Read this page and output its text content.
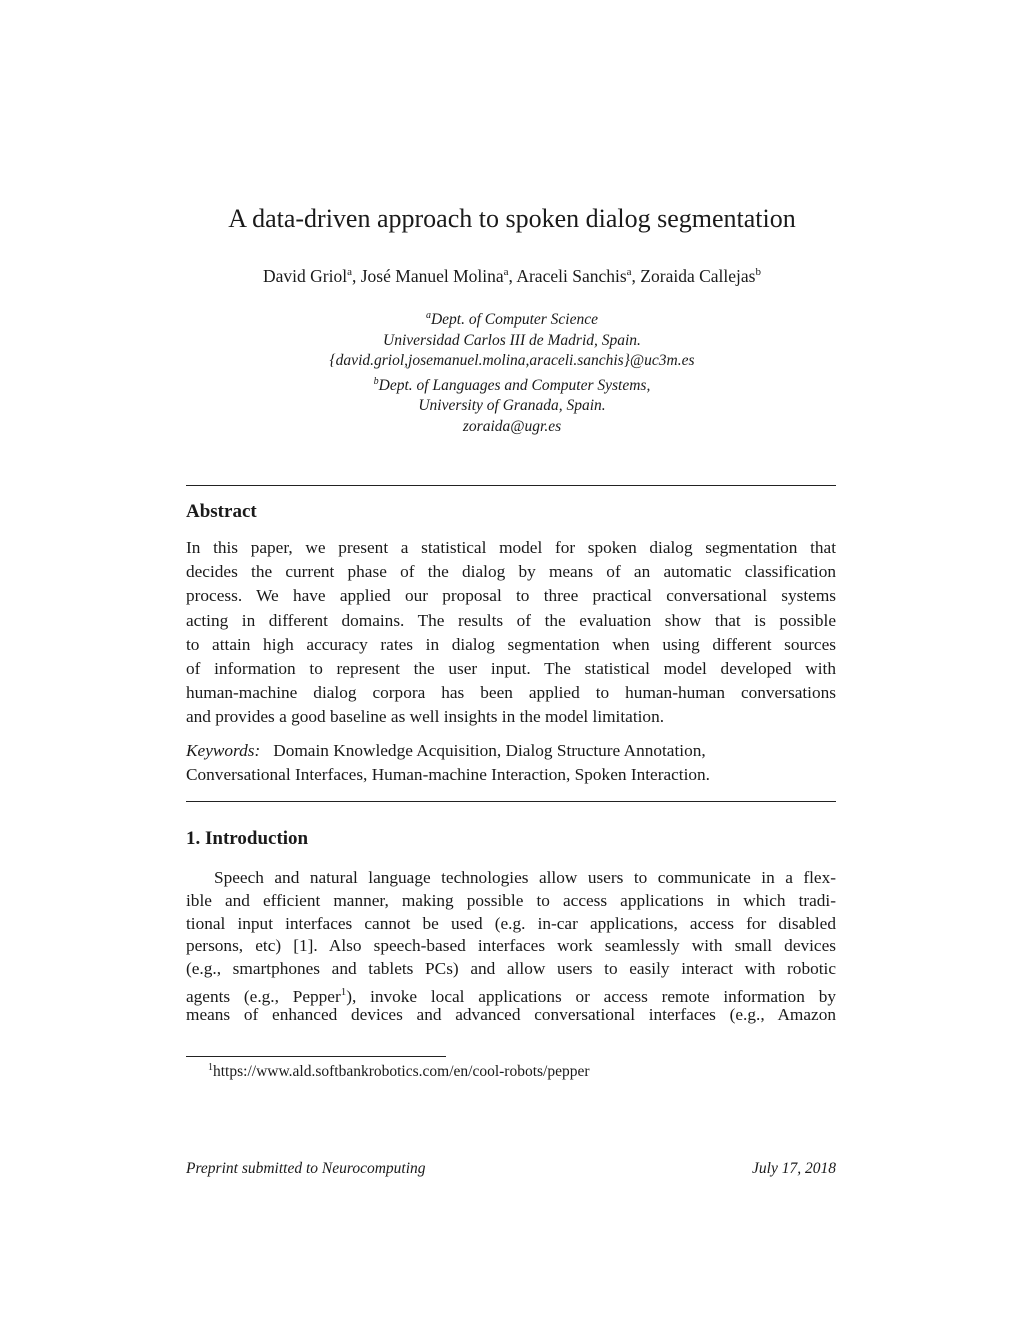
A data-driven approach to spoken dialog segmentation
David Griol$^a$, José Manuel Molina$^a$, Araceli Sanchis$^a$, Zoraida Callejas$^b$
$^a$Dept. of Computer Science
Universidad Carlos III de Madrid, Spain.
{david.griol,josemanuel.molina,araceli.sanchis}@uc3m.es
$^b$Dept. of Languages and Computer Systems,
University of Granada, Spain.
zoraida@ugr.es
Abstract
In this paper, we present a statistical model for spoken dialog segmentation that
decides the current phase of the dialog by means of an automatic classification
process. We have applied our proposal to three practical conversational systems
acting in different domains. The results of the evaluation show that is possible
to attain high accuracy rates in dialog segmentation when using different sources
of information to represent the user input. The statistical model developed with
human-machine dialog corpora has been applied to human-human conversations
and provides a good baseline as well insights in the model limitation.
Keywords: Domain Knowledge Acquisition, Dialog Structure Annotation,
Conversational Interfaces, Human-machine Interaction, Spoken Interaction.
1. Introduction
Speech and natural language technologies allow users to communicate in a flex-
ible and efficient manner, making possible to access applications in which tradi-
tional input interfaces cannot be used (e.g. in-car applications, access for disabled
persons, etc) [1]. Also speech-based interfaces work seamlessly with small devices
(e.g., smartphones and tablets PCs) and allow users to easily interact with robotic
agents (e.g., Pepper$^1$), invoke local applications or access remote information by
means of enhanced devices and advanced conversational interfaces (e.g., Amazon
$^1$https://www.ald.softbankrobotics.com/en/cool-robots/pepper
Preprint submitted to Neurocomputing	July 17, 2018
